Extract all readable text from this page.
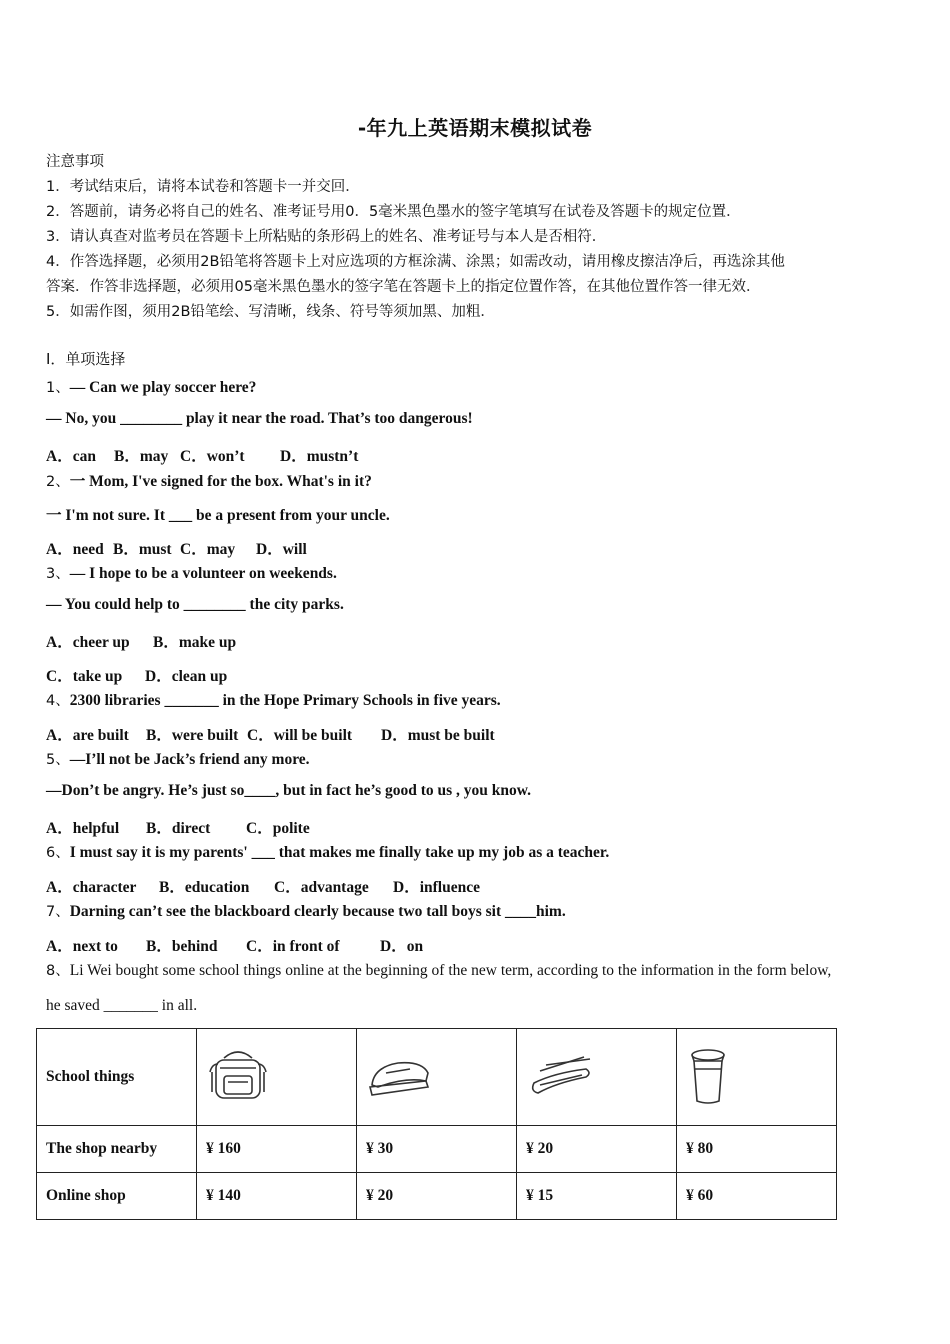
-年九上英语期末模拟试卷
注意事项
1．考试结束后，请将本试卷和答题卡一并交回．
2．答题前，请务必将自己的姓名、准考证号用0．5毫米黑色墨水的签字笔填写在试卷及答题卡的规定位置．
3．请认真查对监考员在答题卡上所粘贴的条形码上的姓名、准考证号与本人是否相符．
4．作答选择题，必须用2B铅笔将答题卡上对应选项的方框涂满、涂黑；如需改动，请用橡皮擦洁净后，再选涂其他
答案．作答非选择题，必须用05毫米黑色墨水的签字笔在答题卡上的指定位置作答，在其他位置作答一律无效．
5．如需作图，须用2B铅笔绘、写清晰，线条、符号等须加黑、加粗．
Ⅰ．单项选择
1、— Can we play soccer here?
— No, you ________ play it near the road. That’s too dangerous!
A．can B．may C．won’t D．mustn’t
2、一 Mom, I've signed for the box. What's in it?
一 I'm not sure. It ___ be a present from your uncle.
A．need B．must C．may D．will
3、— I hope to be a volunteer on weekends.
— You could help to ________ the city parks.
A．cheer up B．make up
C．take up D．clean up
4、2300 libraries _______ in the Hope Primary Schools in five years.
A．are built B．were built C．will be built D．must be built
5、—I’ll not be Jack’s friend any more.
—Don’t be angry. He’s just so____, but in fact he’s good to us , you know.
A．helpful B．direct C．polite
6、I must say it is my parents' ___ that makes me finally take up my job as a teacher.
A．character B．education C．advantage D．influence
7、Darning can’t see the blackboard clearly because two tall boys sit ____him.
A．next to B．behind C．in front of	D．on
8、Li Wei bought some school things online at the beginning of the new term, according to the information in the form below,
he saved _______ in all.
School things	

The shop nearby	¥ 160	¥ 30	¥ 20	¥ 80
Online shop	¥ 140	¥ 20	¥ 15	¥ 60
